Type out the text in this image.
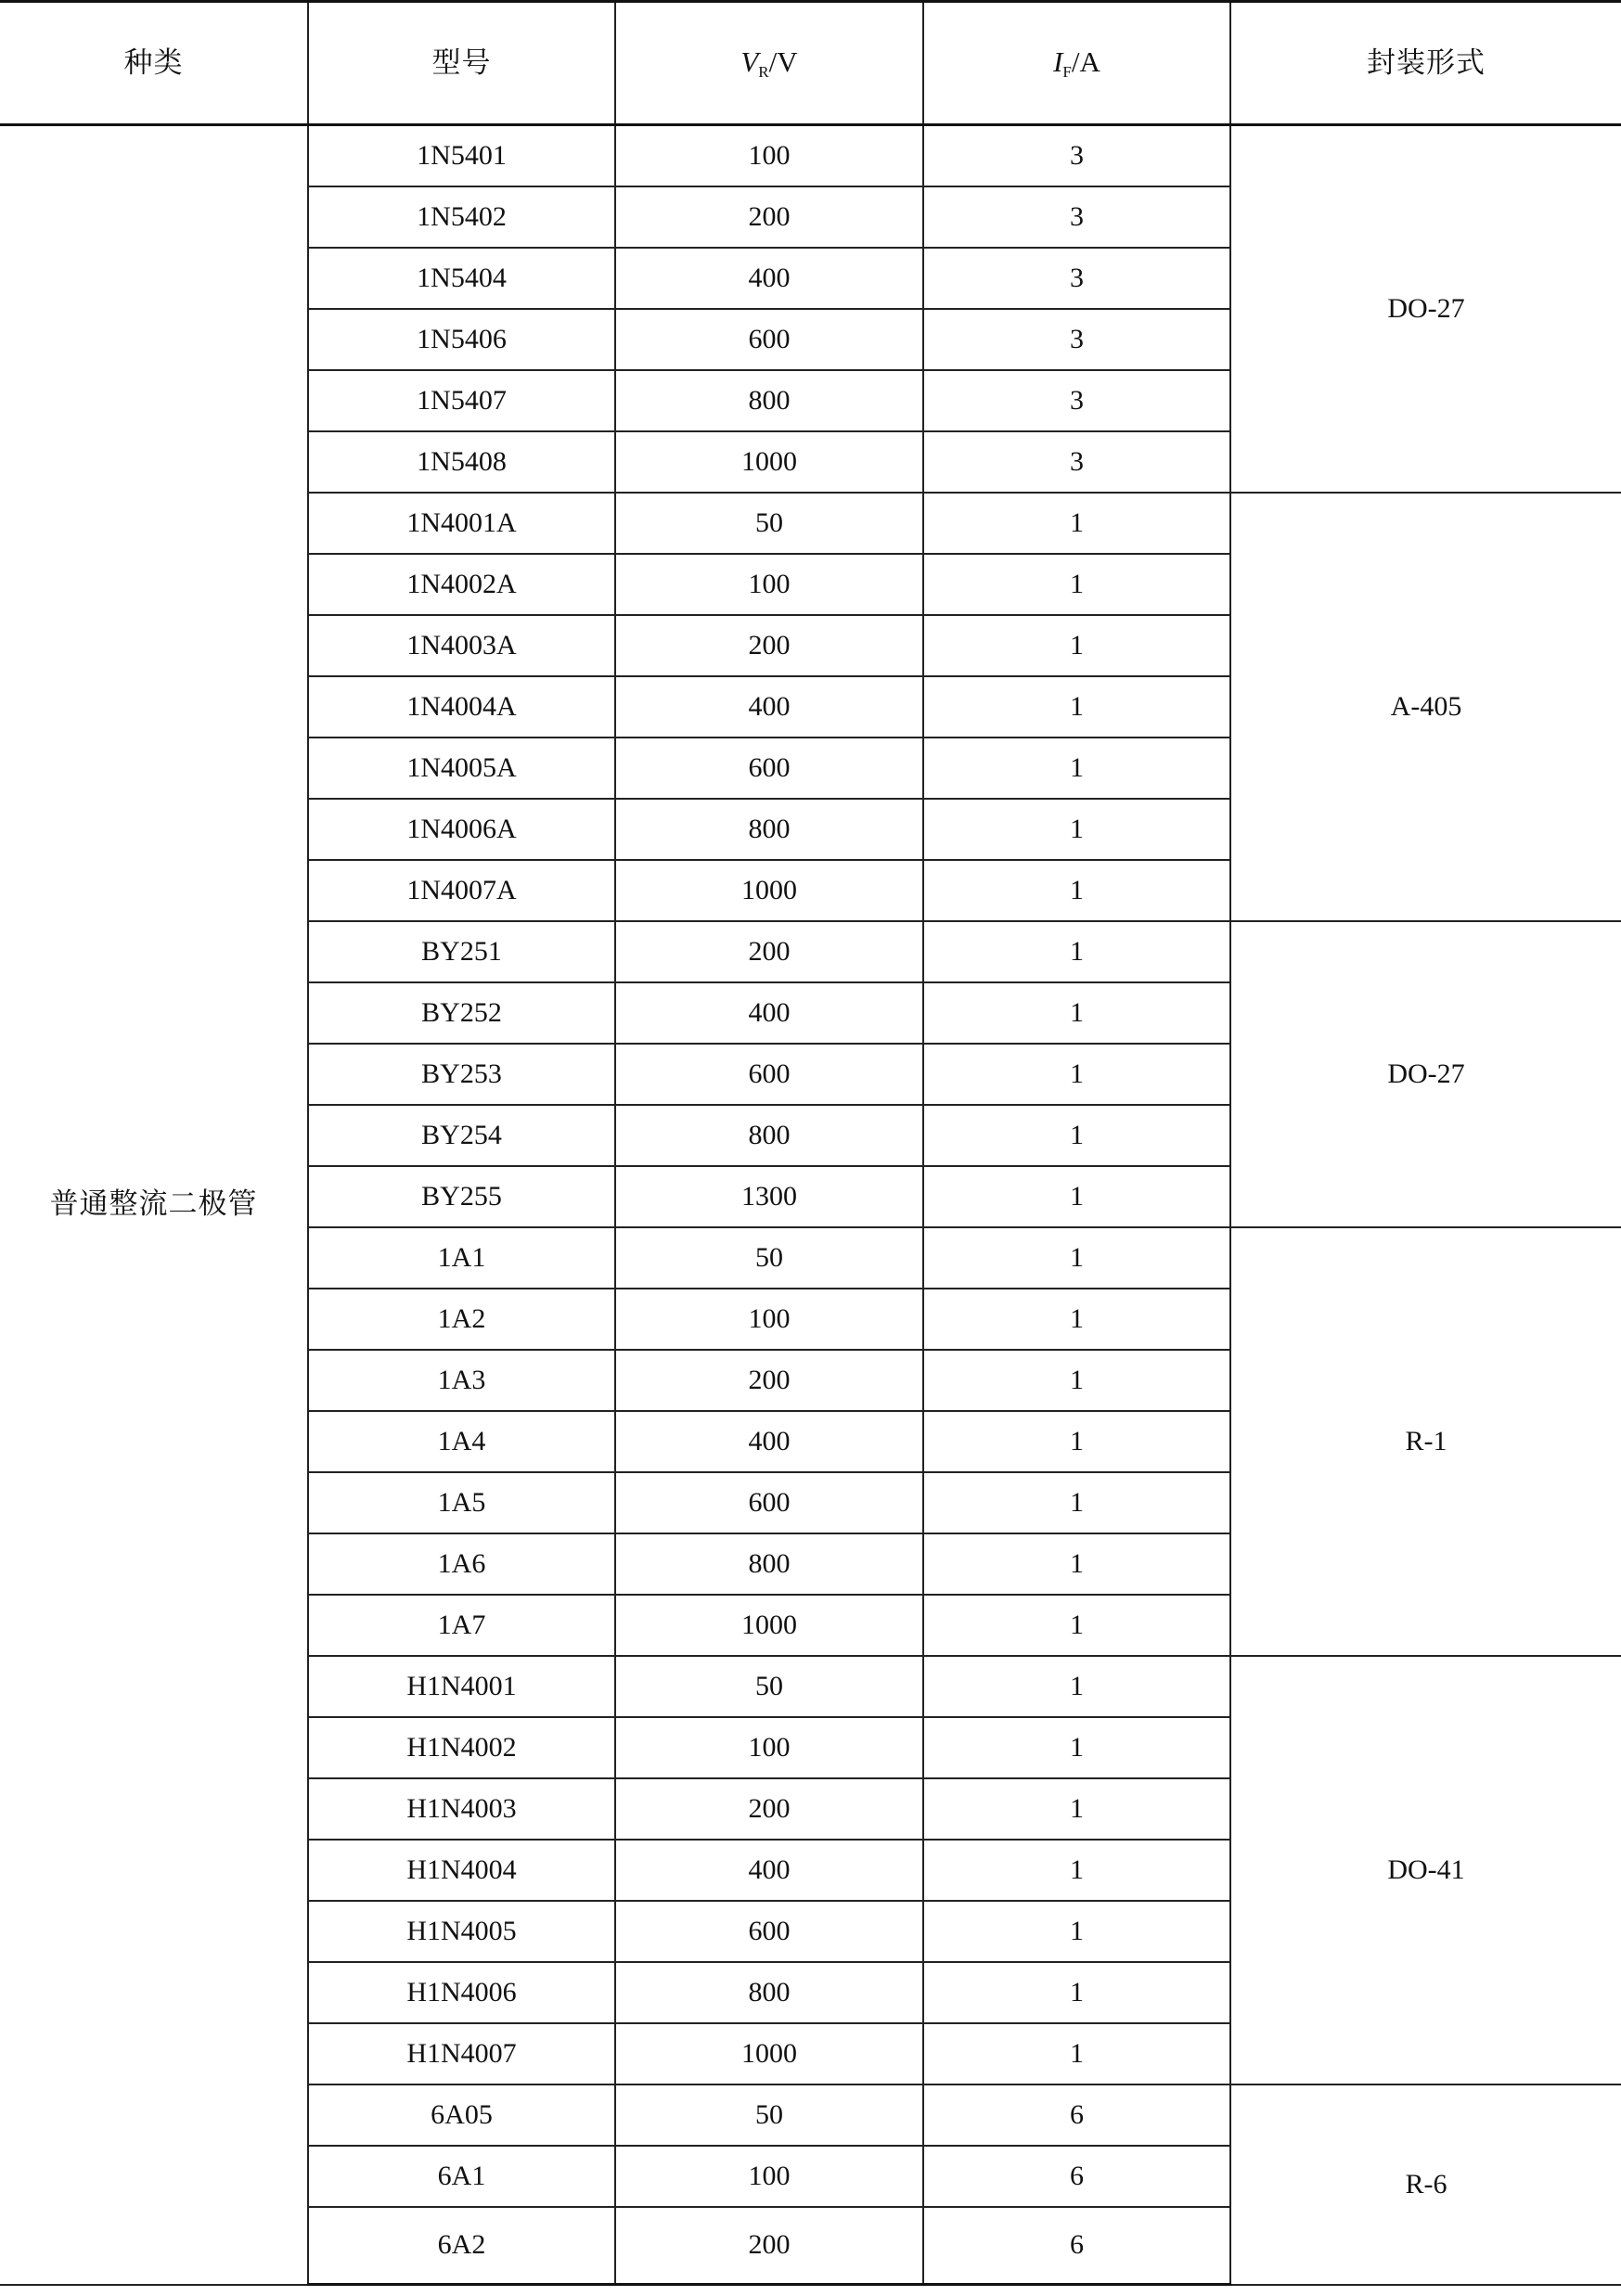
种类	型号	$V_R/V$	$I_F/A$	封装形式
普通整流二极管	1N5401	100	3	DO-27
	1N5402	200	3	
	1N5404	400	3	
	1N5406	600	3	
	1N5407	800	3	
	1N5408	1000	3	
	1N4001A	50	1	A-405
	1N4002A	100	1	
	1N4003A	200	1	
	1N4004A	400	1	
	1N4005A	600	1	
	1N4006A	800	1	
	1N4007A	1000	1	
	BY251	200	1	DO-27
	BY252	400	1	
	BY253	600	1	
	BY254	800	1	
	BY255	1300	1	
	1A1	50	1	R-1
	1A2	100	1	
	1A3	200	1	
	1A4	400	1	
	1A5	600	1	
	1A6	800	1	
	1A7	1000	1	
	H1N4001	50	1	DO-41
	H1N4002	100	1	
	H1N4003	200	1	
	H1N4004	400	1	
	H1N4005	600	1	
	H1N4006	800	1	
	H1N4007	1000	1	
	6A05	50	6	R-6
	6A1	100	6	
	6A2	200	6	
